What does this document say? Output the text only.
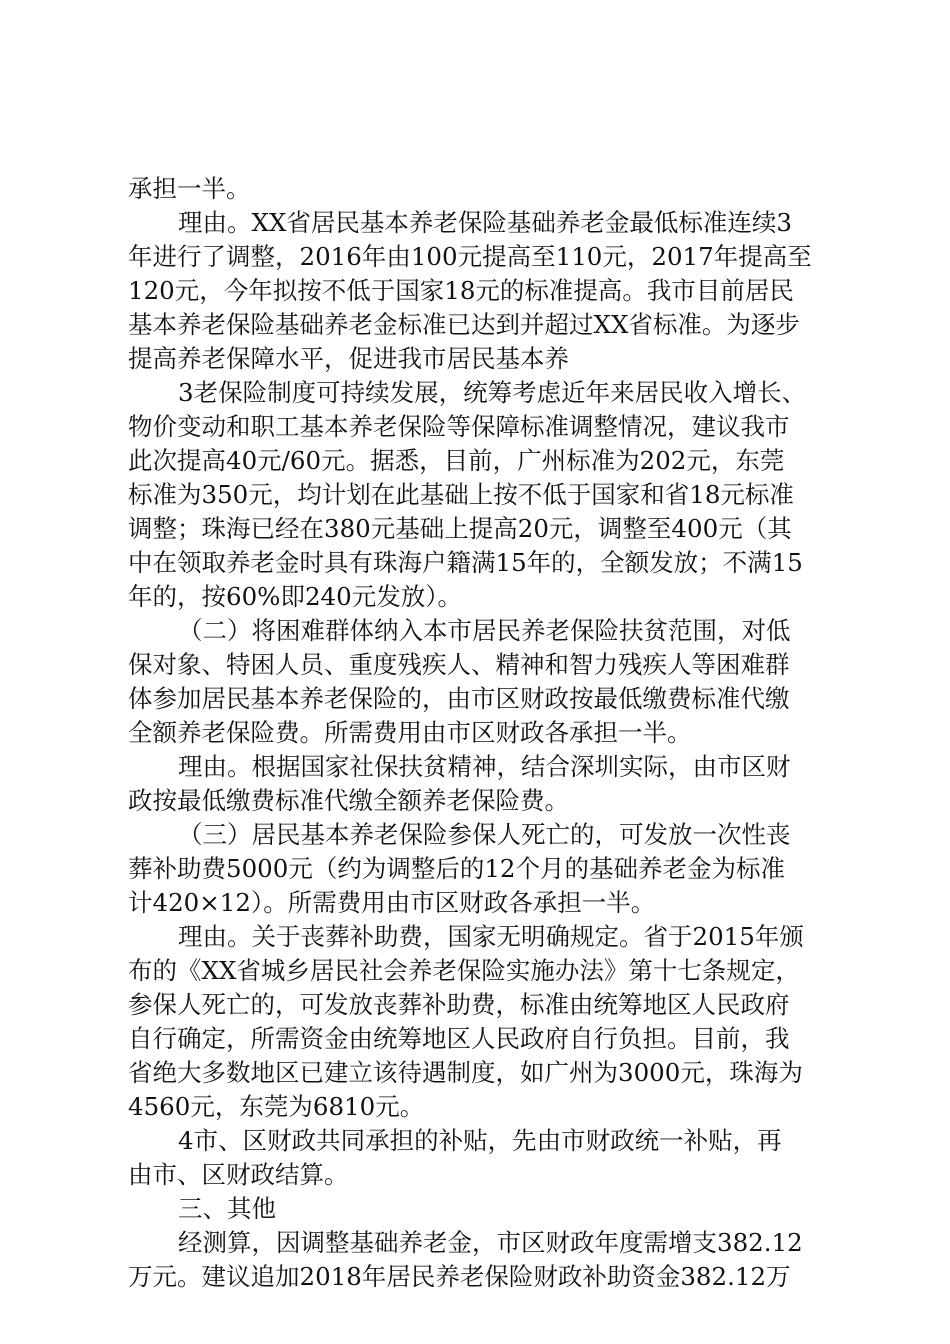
承担一半。
理由。XX省居民基本养老保险基础养老金最低标准连续3
年进行了调整，2016年由100元提高至110元，2017年提高至
120元，今年拟按不低于国家18元的标准提高。我市目前居民
基本养老保险基础养老金标准已达到并超过XX省标准。为逐步
提高养老保障水平，促进我市居民基本养
3老保险制度可持续发展，统筹考虑近年来居民收入增长、
物价变动和职工基本养老保险等保障标准调整情况，建议我市
此次提高40元/60元。据悉，目前，广州标准为202元，东莞
标准为350元，均计划在此基础上按不低于国家和省18元标准
调整；珠海已经在380元基础上提高20元，调整至400元（其
中在领取养老金时具有珠海户籍满15年的，全额发放；不满15
年的，按60%即240元发放）。
（二）将困难群体纳入本市居民养老保险扶贫范围，对低
保对象、特困人员、重度残疾人、精神和智力残疾人等困难群
体参加居民基本养老保险的，由市区财政按最低缴费标准代缴
全额养老保险费。所需费用由市区财政各承担一半。
理由。根据国家社保扶贫精神，结合深圳实际，由市区财
政按最低缴费标准代缴全额养老保险费。
（三）居民基本养老保险参保人死亡的，可发放一次性丧
葬补助费5000元（约为调整后的12个月的基础养老金为标准
计420×12）。所需费用由市区财政各承担一半。
理由。关于丧葬补助费，国家无明确规定。省于2015年颁
布的《XX省城乡居民社会养老保险实施办法》第十七条规定，
参保人死亡的，可发放丧葬补助费，标准由统筹地区人民政府
自行确定，所需资金由统筹地区人民政府自行负担。目前，我
省绝大多数地区已建立该待遇制度，如广州为3000元，珠海为
4560元，东莞为6810元。
4市、区财政共同承担的补贴，先由市财政统一补贴，再
由市、区财政结算。
三、其他
经测算，因调整基础养老金，市区财政年度需增支382.12
万元。建议追加2018年居民养老保险财政补助资金382.12万
